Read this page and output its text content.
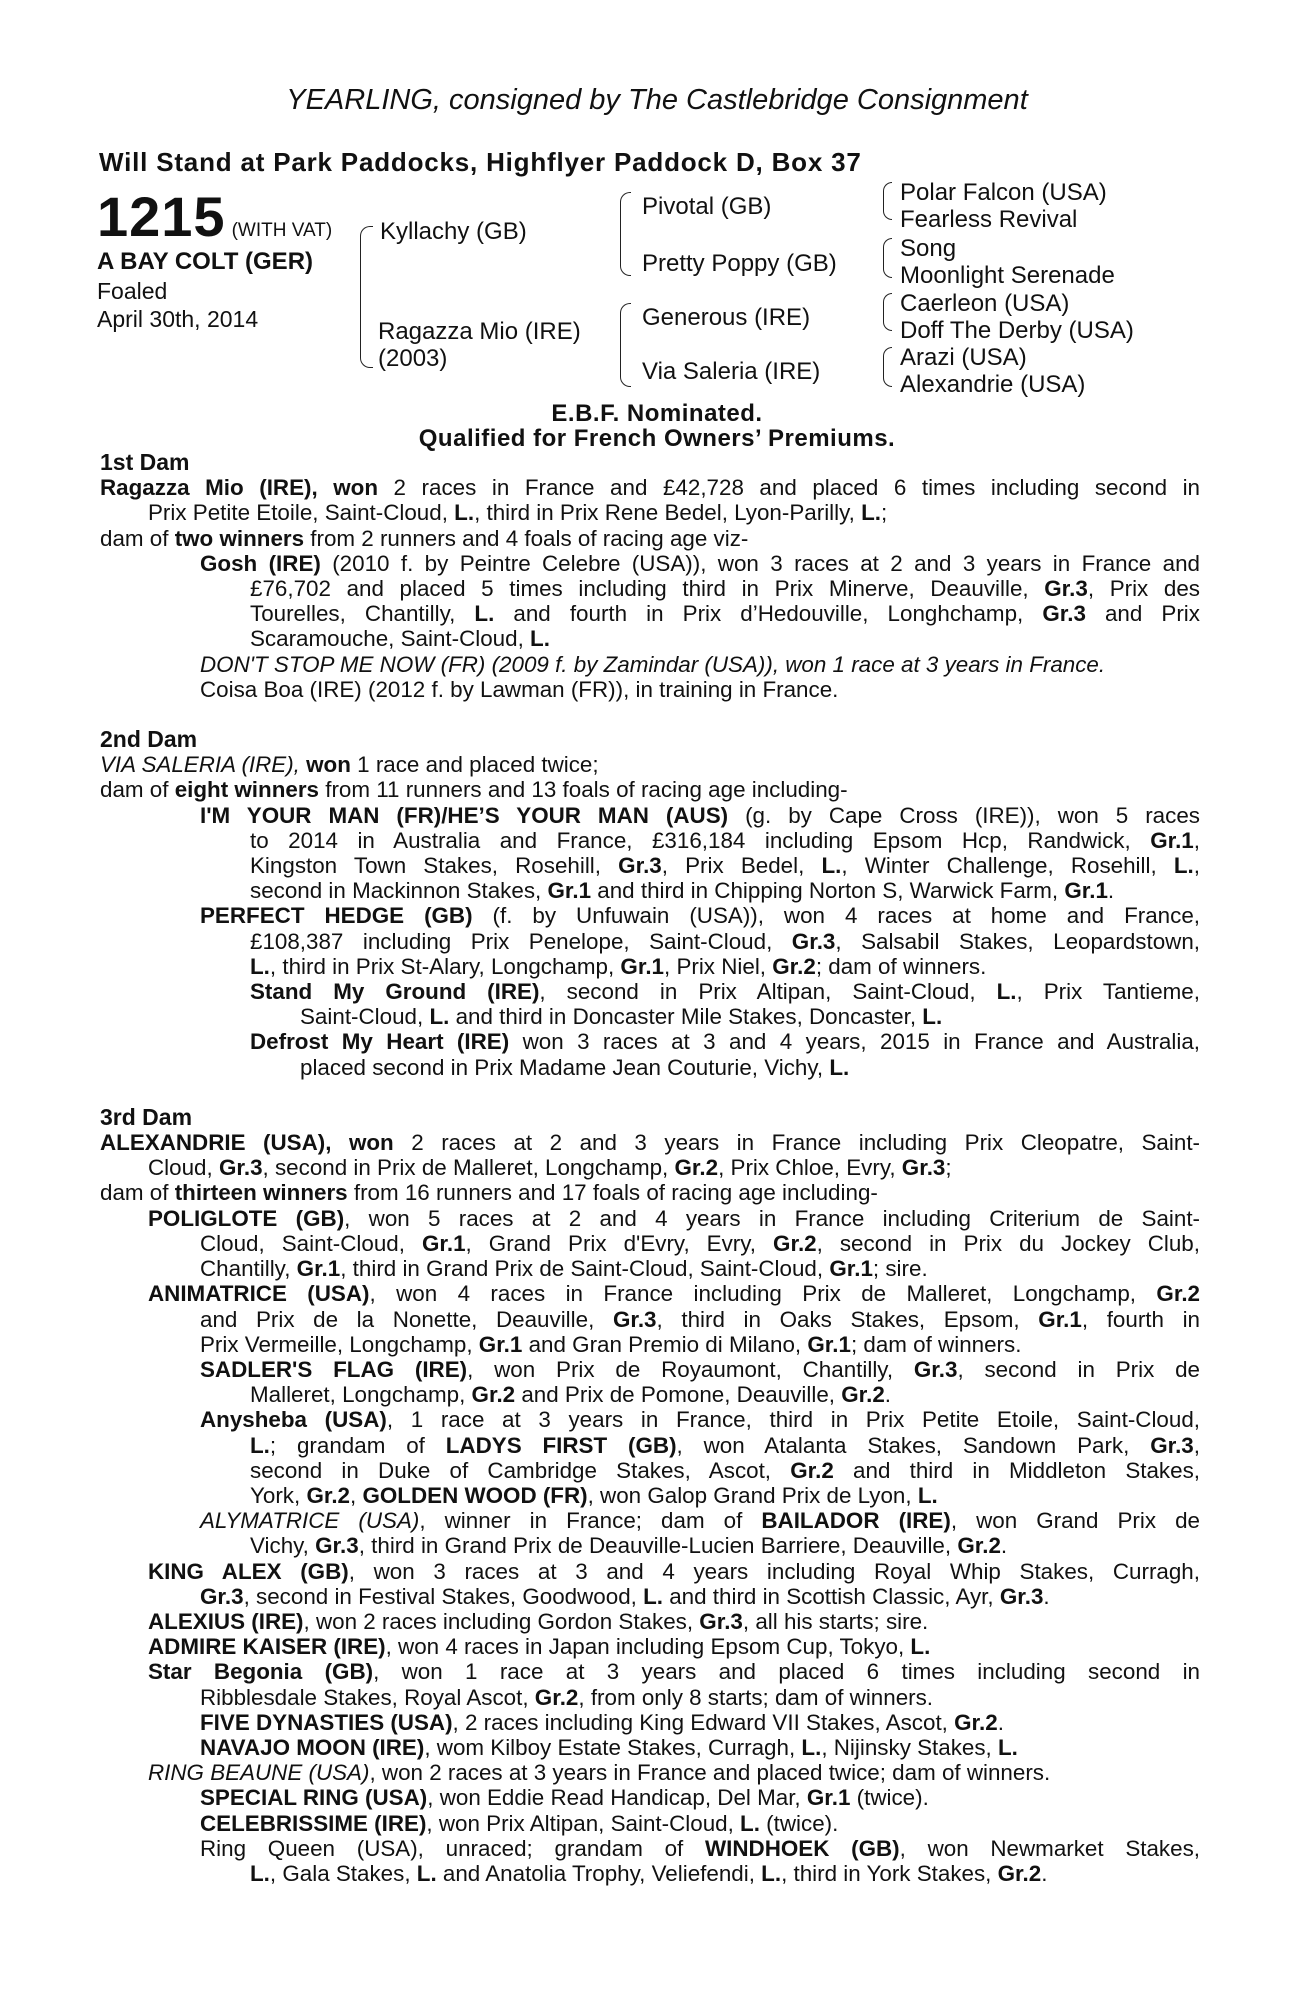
YEARLING, consigned by The Castlebridge Consignment
Will Stand at Park Paddocks, Highflyer Paddock D, Box 37
1215 (WITH VAT)
A BAY COLT (GER)
Foaled
April 30th, 2014
Kyllachy (GB)
Ragazza Mio (IRE)
(2003)
Pivotal (GB)
Pretty Poppy (GB)
Generous (IRE)
Via Saleria (IRE)
Polar Falcon (USA)
Fearless Revival
Song
Moonlight Serenade
Caerleon (USA)
Doff The Derby (USA)
Arazi (USA)
Alexandrie (USA)
E.B.F. Nominated.
Qualified for French Owners’ Premiums.
1st Dam
Ragazza Mio (IRE), won 2 races in France and £42,728 and placed 6 times including second in
Prix Petite Etoile, Saint-Cloud, L., third in Prix Rene Bedel, Lyon-Parilly, L.;
dam of two winners from 2 runners and 4 foals of racing age viz-
Gosh (IRE) (2010 f. by Peintre Celebre (USA)), won 3 races at 2 and 3 years in France and
£76,702 and placed 5 times including third in Prix Minerve, Deauville, Gr.3, Prix des
Tourelles, Chantilly, L. and fourth in Prix d’Hedouville, Longhchamp, Gr.3 and Prix
Scaramouche, Saint-Cloud, L.
DON'T STOP ME NOW (FR) (2009 f. by Zamindar (USA)), won 1 race at 3 years in France.
Coisa Boa (IRE) (2012 f. by Lawman (FR)), in training in France.
2nd Dam
VIA SALERIA (IRE), won 1 race and placed twice;
dam of eight winners from 11 runners and 13 foals of racing age including-
I'M YOUR MAN (FR)/HE’S YOUR MAN (AUS) (g. by Cape Cross (IRE)), won 5 races
to 2014 in Australia and France, £316,184 including Epsom Hcp, Randwick, Gr.1,
Kingston Town Stakes, Rosehill, Gr.3, Prix Bedel, L., Winter Challenge, Rosehill, L.,
second in Mackinnon Stakes, Gr.1 and third in Chipping Norton S, Warwick Farm, Gr.1.
PERFECT HEDGE (GB) (f. by Unfuwain (USA)), won 4 races at home and France,
£108,387 including Prix Penelope, Saint-Cloud, Gr.3, Salsabil Stakes, Leopardstown,
L., third in Prix St-Alary, Longchamp, Gr.1, Prix Niel, Gr.2; dam of winners.
Stand My Ground (IRE), second in Prix Altipan, Saint-Cloud, L., Prix Tantieme,
Saint-Cloud, L. and third in Doncaster Mile Stakes, Doncaster, L.
Defrost My Heart (IRE) won 3 races at 3 and 4 years, 2015 in France and Australia,
placed second in Prix Madame Jean Couturie, Vichy, L.
3rd Dam
ALEXANDRIE (USA), won 2 races at 2 and 3 years in France including Prix Cleopatre, Saint-
Cloud, Gr.3, second in Prix de Malleret, Longchamp, Gr.2, Prix Chloe, Evry, Gr.3;
dam of thirteen winners from 16 runners and 17 foals of racing age including-
POLIGLOTE (GB), won 5 races at 2 and 4 years in France including Criterium de Saint-
Cloud, Saint-Cloud, Gr.1, Grand Prix d'Evry, Evry, Gr.2, second in Prix du Jockey Club,
Chantilly, Gr.1, third in Grand Prix de Saint-Cloud, Saint-Cloud, Gr.1; sire.
ANIMATRICE (USA), won 4 races in France including Prix de Malleret, Longchamp, Gr.2
and Prix de la Nonette, Deauville, Gr.3, third in Oaks Stakes, Epsom, Gr.1, fourth in
Prix Vermeille, Longchamp, Gr.1 and Gran Premio di Milano, Gr.1; dam of winners.
SADLER'S FLAG (IRE), won Prix de Royaumont, Chantilly, Gr.3, second in Prix de
Malleret, Longchamp, Gr.2 and Prix de Pomone, Deauville, Gr.2.
Anysheba (USA), 1 race at 3 years in France, third in Prix Petite Etoile, Saint-Cloud,
L.; grandam of LADYS FIRST (GB), won Atalanta Stakes, Sandown Park, Gr.3,
second in Duke of Cambridge Stakes, Ascot, Gr.2 and third in Middleton Stakes,
York, Gr.2, GOLDEN WOOD (FR), won Galop Grand Prix de Lyon, L.
ALYMATRICE (USA), winner in France; dam of BAILADOR (IRE), won Grand Prix de
Vichy, Gr.3, third in Grand Prix de Deauville-Lucien Barriere, Deauville, Gr.2.
KING ALEX (GB), won 3 races at 3 and 4 years including Royal Whip Stakes, Curragh,
Gr.3, second in Festival Stakes, Goodwood, L. and third in Scottish Classic, Ayr, Gr.3.
ALEXIUS (IRE), won 2 races including Gordon Stakes, Gr.3, all his starts; sire.
ADMIRE KAISER (IRE), won 4 races in Japan including Epsom Cup, Tokyo, L.
Star Begonia (GB), won 1 race at 3 years and placed 6 times including second in
Ribblesdale Stakes, Royal Ascot, Gr.2, from only 8 starts; dam of winners.
FIVE DYNASTIES (USA), 2 races including King Edward VII Stakes, Ascot, Gr.2.
NAVAJO MOON (IRE), wom Kilboy Estate Stakes, Curragh, L., Nijinsky Stakes, L.
RING BEAUNE (USA), won 2 races at 3 years in France and placed twice; dam of winners.
SPECIAL RING (USA), won Eddie Read Handicap, Del Mar, Gr.1 (twice).
CELEBRISSIME (IRE), won Prix Altipan, Saint-Cloud, L. (twice).
Ring Queen (USA), unraced; grandam of WINDHOEK (GB), won Newmarket Stakes,
L., Gala Stakes, L. and Anatolia Trophy, Veliefendi, L., third in York Stakes, Gr.2.
